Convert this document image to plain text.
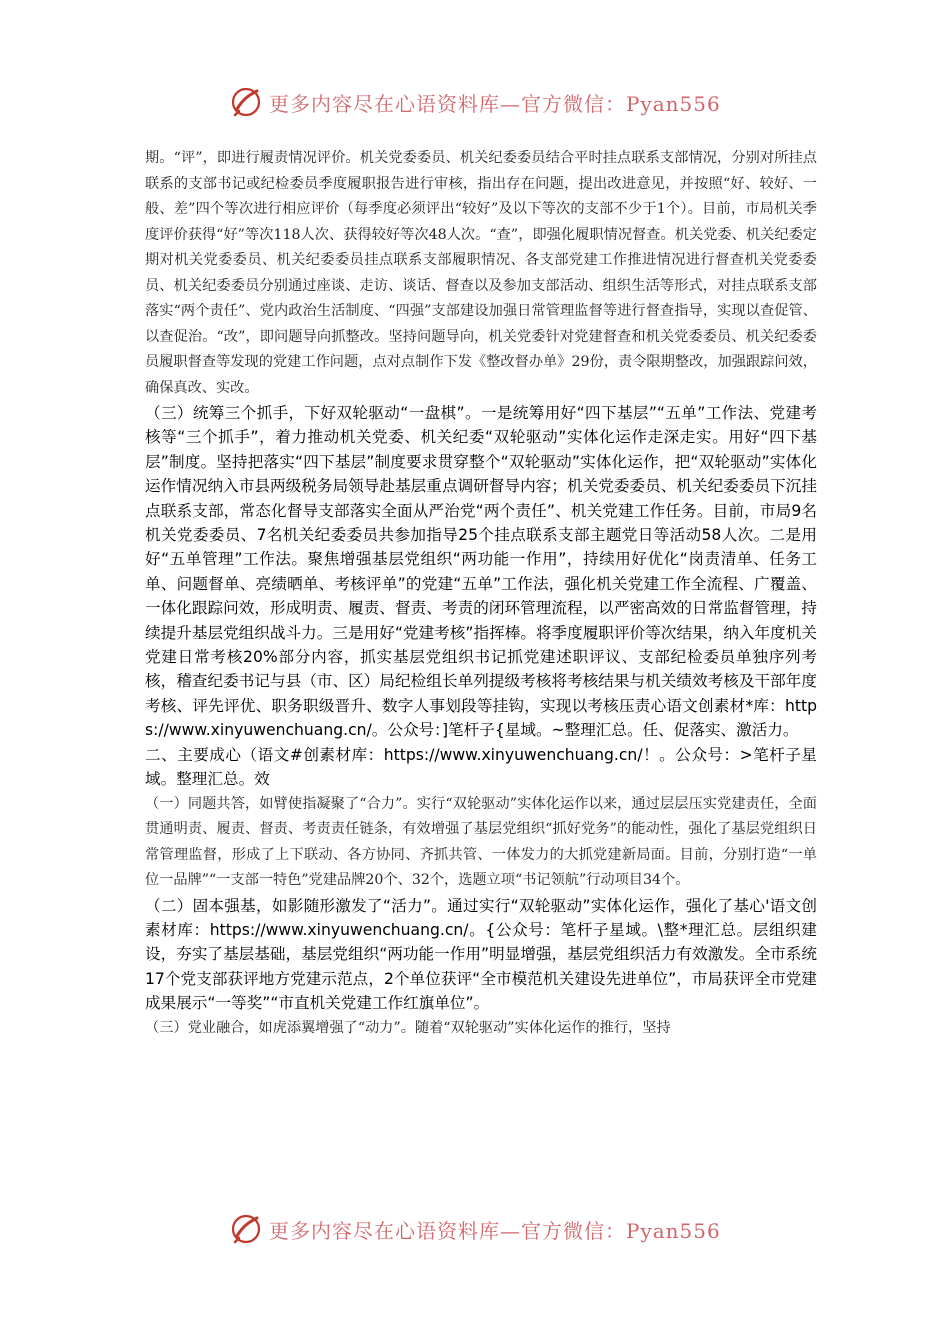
更多内容尽在心语资料库—官方微信：Pyan556

期。“评”，即进行履责情况评价。机关党委委员、机关纪委委员结合平时挂点联系支部情况，分别对所挂点联系的支部书记或纪检委员季度履职报告进行审核，指出存在问题，提出改进意见，并按照“好、较好、一般、差”四个等次进行相应评价（每季度必须评出“较好”及以下等次的支部不少于1个）。目前，市局机关季度评价获得“好”等次118人次、获得较好等次48人次。“查”，即强化履职情况督查。机关党委、机关纪委定期对机关党委委员、机关纪委委员挂点联系支部履职情况、各支部党建工作推进情况进行督查机关党委委员、机关纪委委员分别通过座谈、走访、谈话、督查以及参加支部活动、组织生活等形式，对挂点联系支部落实“两个责任”、党内政治生活制度、“四强”支部建设加强日常管理监督等进行督查指导，实现以查促管、以查促治。“改”，即问题导向抓整改。坚持问题导向，机关党委针对党建督查和机关党委委员、机关纪委委员履职督查等发现的党建工作问题，点对点制作下发《整改督办单》29份，责令限期整改，加强跟踪问效，确保真改、实改。

（三）统筹三个抓手，下好双轮驱动“一盘棋”。一是统筹用好“四下基层”“五单”工作法、党建考核等“三个抓手”，着力推动机关党委、机关纪委“双轮驱动”实体化运作走深走实。用好“四下基层”制度。坚持把落实“四下基层”制度要求贯穿整个“双轮驱动”实体化运作，把“双轮驱动”实体化运作情况纳入市县两级税务局领导赴基层重点调研督导内容；机关党委委员、机关纪委委员下沉挂点联系支部，常态化督导支部落实全面从严治党“两个责任”、机关党建工作任务。目前，市局9名机关党委委员、7名机关纪委委员共参加指导25个挂点联系支部主题党日等活动58人次。二是用好“五单管理”工作法。聚焦增强基层党组织“两功能一作用”，持续用好优化“岗责清单、任务工单、问题督单、亮绩晒单、考核评单”的党建“五单”工作法，强化机关党建工作全流程、广覆盖、一体化跟踪问效，形成明责、履责、督责、考责的闭环管理流程，以严密高效的日常监督管理，持续提升基层党组织战斗力。三是用好“党建考核”指挥棒。将季度履职评价等次结果，纳入年度机关党建日常考核20%部分内容，抓实基层党组织书记抓党建述职评议、支部纪检委员单独序列考核，稽查纪委书记与县（市、区）局纪检组长单列提级考核将考核结果与机关绩效考核及干部年度考核、评先评优、职务职级晋升、数字人事划段等挂钩，实现以考核压责心语文创素材*库：https://www.xinyuwenchuang.cn/。公众号：]笔杆子{星域。~整理汇总。任、促落实、激活力。

二、主要成心（语文#创素材库：https://www.xinyuwenchuang.cn/！。公众号：>笔杆子星域。整理汇总。效

（一）同题共答，如臂使指凝聚了“合力”。实行“双轮驱动”实体化运作以来，通过层层压实党建责任，全面贯通明责、履责、督责、考责责任链条，有效增强了基层党组织“抓好党务”的能动性，强化了基层党组织日常管理监督，形成了上下联动、各方协同、齐抓共管、一体发力的大抓党建新局面。目前，分别打造“一单位一品牌”“一支部一特色”党建品牌20个、32个，选题立项“书记领航”行动项目34个。

（二）固本强基，如影随形激发了“活力”。通过实行“双轮驱动”实体化运作，强化了基心'语文创素材库：https://www.xinyuwenchuang.cn/。{公众号：笔杆子星域。\整*理汇总。层组织建设，夯实了基层基础，基层党组织“两功能一作用”明显增强，基层党组织活力有效激发。全市系统17个党支部获评地方党建示范点，2个单位获评“全市模范机关建设先进单位”，市局获评全市党建成果展示“一等奖”“市直机关党建工作红旗单位”。

（三）党业融合，如虎添翼增强了“动力”。随着“双轮驱动”实体化运作的推行，坚持

更多内容尽在心语资料库—官方微信：Pyan556
